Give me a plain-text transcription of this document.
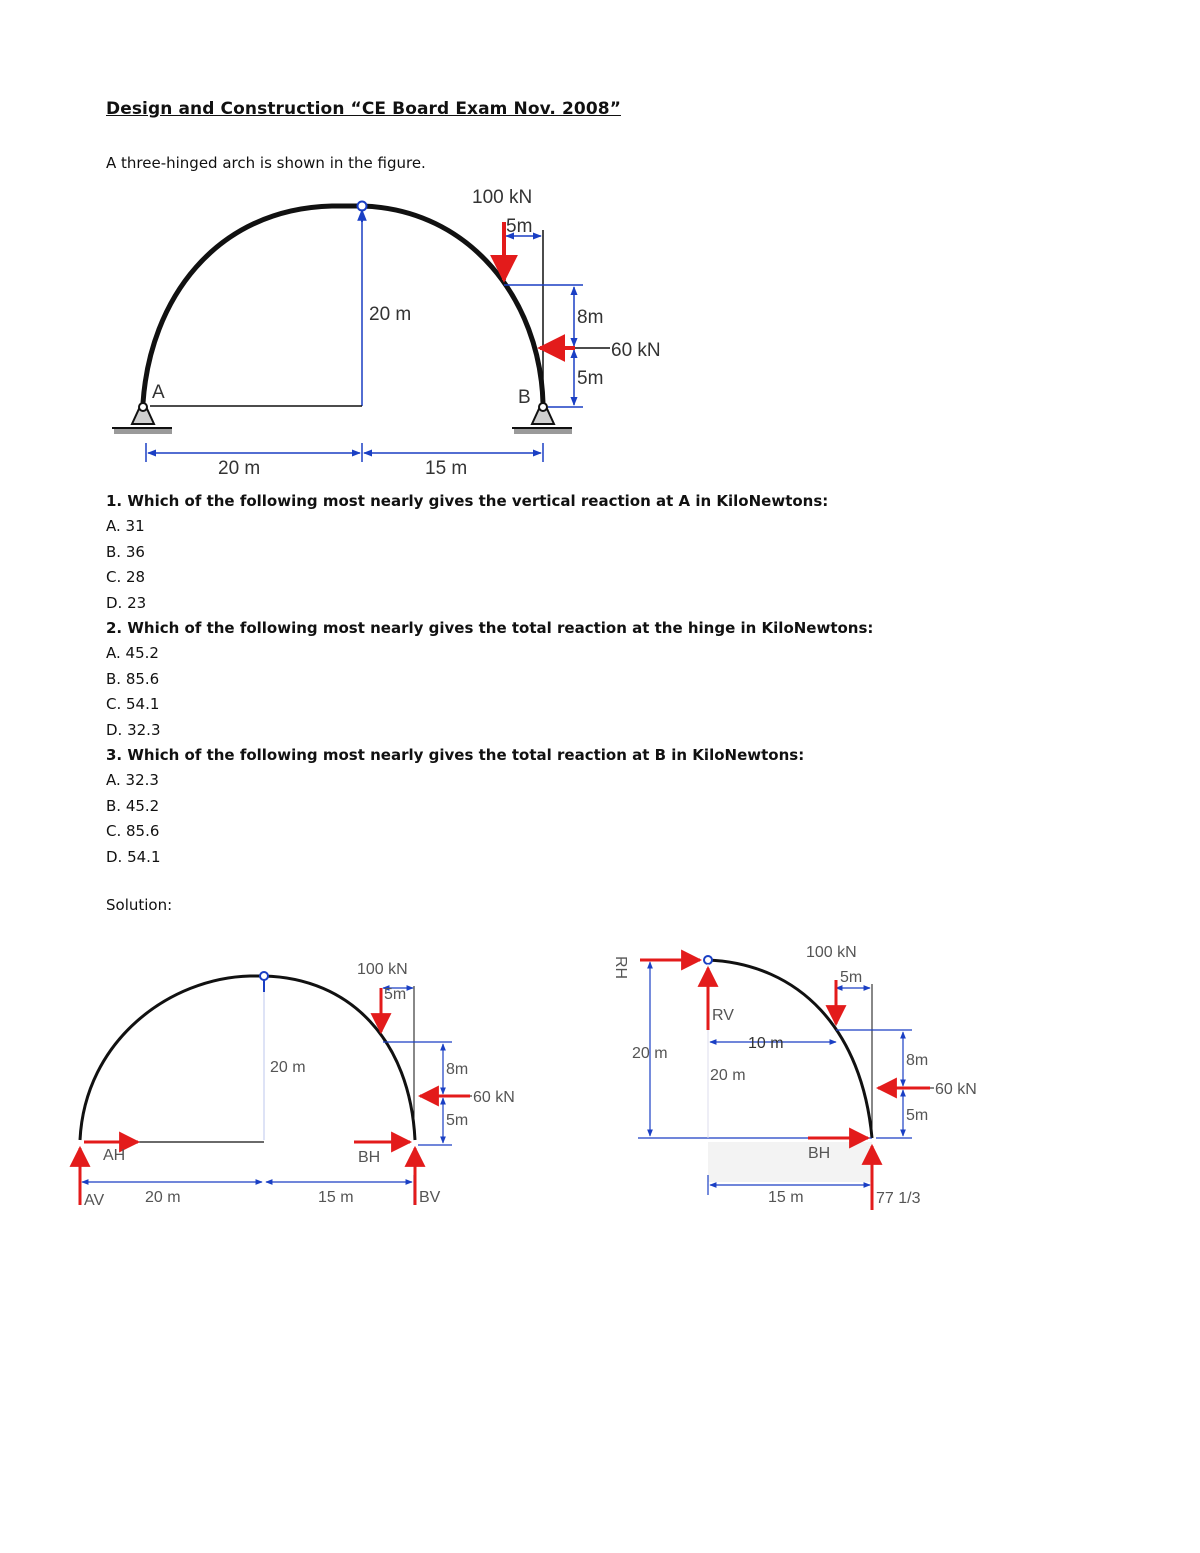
Design and Construction “CE Board Exam Nov. 2008”
A three-hinged arch is shown in the figure.
100 kN
5m
20 m	8m
60 kN
5m
A	B
20 m	15 m
1. Which of the following most nearly gives the vertical reaction at A in KiloNewtons:
A. 31
B. 36
C. 28
D. 23
2. Which of the following most nearly gives the total reaction at the hinge in KiloNewtons:
A. 45.2
B. 85.6
C. 54.1
D. 32.3
3. Which of the following most nearly gives the total reaction at B in KiloNewtons:
A. 32.3
B. 45.2
C. 85.6
D. 54.1
Solution:
100 kN
5m
20 m	8m
60 kN
5m
AH
AV
BH
BV
20 m	15 m
RH
RV
100 kN
5m
20 m
10 m
20 m
8m
60 kN
5m
BH
15 m	77 1/3
